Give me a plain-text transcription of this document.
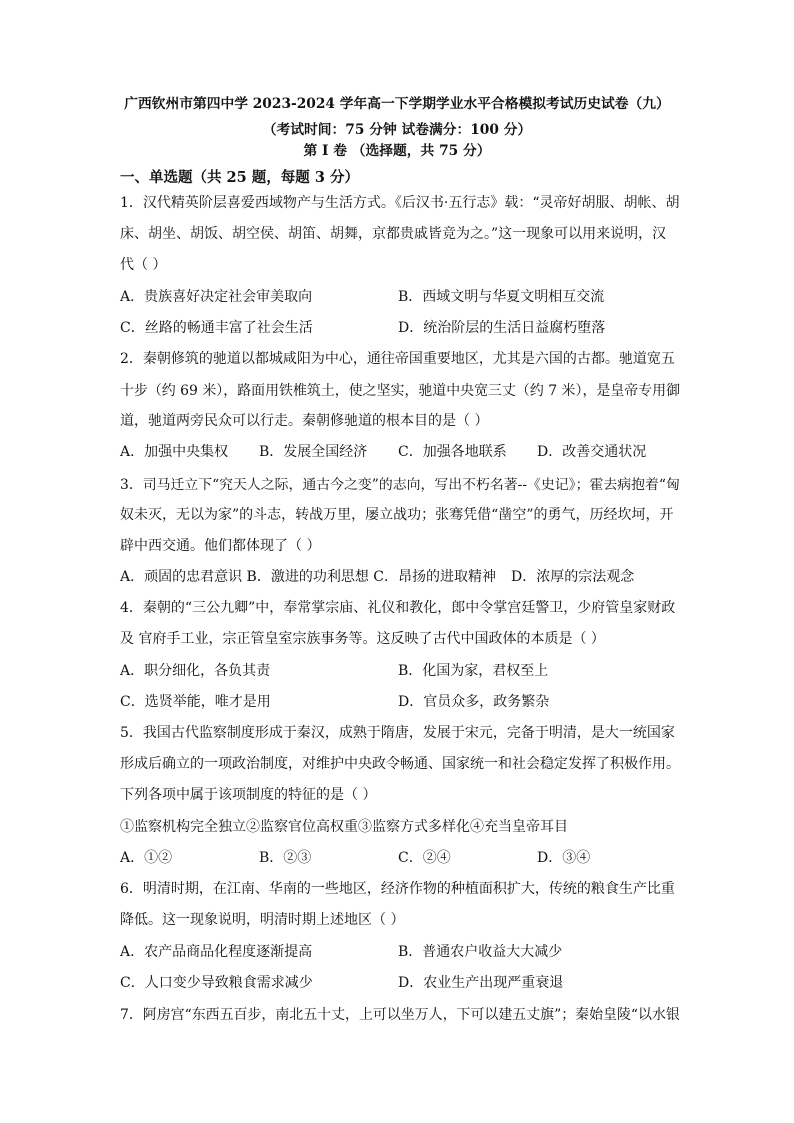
广西钦州市第四中学 2023-2024 学年高一下学期学业水平合格模拟考试历史试卷（九）
（考试时间：75 分钟 试卷满分：100 分）
第 I 卷 （选择题，共 75 分）
一、单选题（共 25 题，每题 3 分）
1．汉代精英阶层喜爱西域物产与生活方式。《后汉书·五行志》载：“灵帝好胡服、胡帐、胡
床、胡坐、胡饭、胡空侯、胡笛、胡舞，京都贵戚皆竞为之。”这一现象可以用来说明，汉
代（ ）
A．贵族喜好决定社会审美取向	B．西域文明与华夏文明相互交流
C．丝路的畅通丰富了社会生活	D．统治阶层的生活日益腐朽堕落
2．秦朝修筑的驰道以都城咸阳为中心，通往帝国重要地区，尤其是六国的古都。驰道宽五
十步（约 69 米），路面用铁椎筑土，使之坚实，驰道中央宽三丈（约 7 米），是皇帝专用御
道，驰道两旁民众可以行走。秦朝修驰道的根本目的是（ ）
A．加强中央集权 B．发展全国经济 C．加强各地联系 D．改善交通状况
3．司马迁立下“究天人之际，通古今之变”的志向，写出不朽名著--《史记》；霍去病抱着“匈
奴未灭，无以为家”的斗志，转战万里，屡立战功；张骞凭借“凿空”的勇气，历经坎坷，开
辟中西交通。他们都体现了（ ）
A．顽固的忠君意识 B．激进的功利思想 C．昂扬的进取精神 D．浓厚的宗法观念
4．秦朝的“三公九卿”中，奉常掌宗庙、礼仪和教化，郎中令掌宫廷警卫，少府管皇家财政
及 官府手工业，宗正管皇室宗族事务等。这反映了古代中国政体的本质是（ ）
A．职分细化，各负其责	B．化国为家，君权至上
C．选贤举能，唯才是用	D．官员众多，政务繁杂
5．我国古代监察制度形成于秦汉，成熟于隋唐，发展于宋元，完备于明清，是大一统国家
形成后确立的一项政治制度，对维护中央政令畅通、国家统一和社会稳定发挥了积极作用。
下列各项中属于该项制度的特征的是（ ）
①监察机构完全独立②监察官位高权重③监察方式多样化④充当皇帝耳目
A．①②	B．②③	C．②④	D．③④
6．明清时期，在江南、华南的一些地区，经济作物的种植面积扩大，传统的粮食生产比重
降低。这一现象说明，明清时期上述地区（ ）
A．农产品商品化程度逐渐提高	B．普通农户收益大大减少
C．人口变少导致粮食需求减少	D．农业生产出现严重衰退
7．阿房宫“东西五百步，南北五十丈，上可以坐万人，下可以建五丈旗”；秦始皇陵“以水银
